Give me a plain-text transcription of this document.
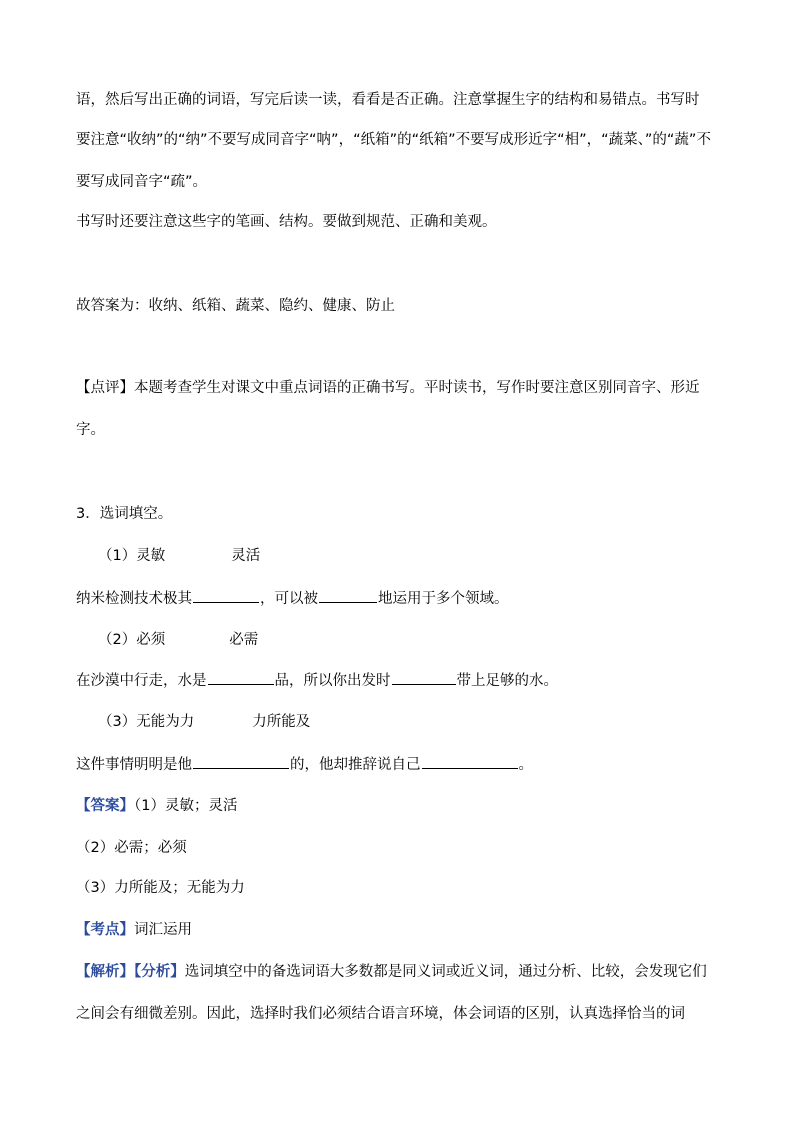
语，然后写出正确的词语，写完后读一读，看看是否正确。注意掌握生字的结构和易错点。书写时
要注意“收纳”的“纳”不要写成同音字“呐”，“纸箱”的“纸箱”不要写成形近字“相”，“蔬菜、”的“蔬”不
要写成同音字“疏”。
书写时还要注意这些字的笔画、结构。要做到规范、正确和美观。
故答案为：收纳、纸箱、蔬菜、隐约、健康、防止
【点评】本题考查学生对课文中重点词语的正确书写。平时读书，写作时要注意区别同音字、形近
字。
3．选词填空。
（1）灵敏	灵活
纳米检测技术极其	，可以被	地运用于多个领域。
（2）必须	必需
在沙漠中行走，水是	品，所以你出发时	带上足够的水。
（3）无能为力	力所能及
这件事情明明是他	的，他却推辞说自己	。
【答案】（1）灵敏；灵活
（2）必需；必须
（3）力所能及；无能为力
【考点】词汇运用
【解析】【分析】选词填空中的备选词语大多数都是同义词或近义词，通过分析、比较，会发现它们
之间会有细微差别。因此，选择时我们必须结合语言环境，体会词语的区别，认真选择恰当的词
